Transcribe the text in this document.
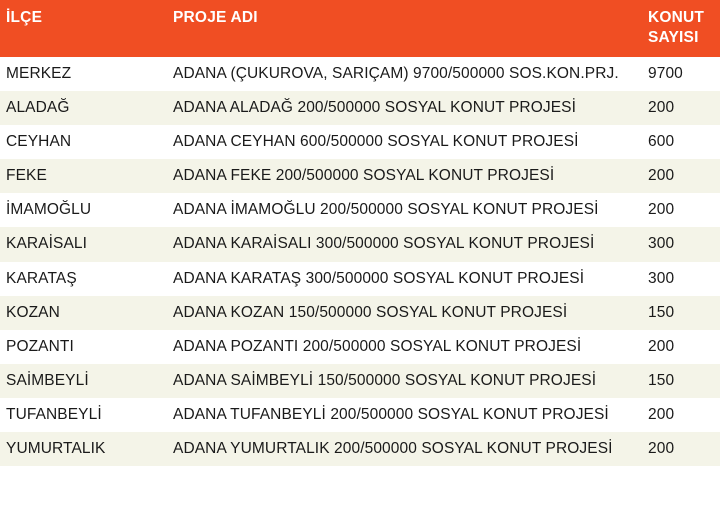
İLÇE	PROJE ADI	KONUT
SAYISI
MERKEZ	ADANA (ÇUKUROVA, SARIÇAM) 9700/500000 SOS.KON.PRJ.	9700
ALADAĞ	ADANA ALADAĞ 200/500000 SOSYAL KONUT PROJESİ	200
CEYHAN	ADANA CEYHAN 600/500000 SOSYAL KONUT PROJESİ	600
FEKE	ADANA FEKE 200/500000 SOSYAL KONUT PROJESİ	200
İMAMOĞLU	ADANA İMAMOĞLU 200/500000 SOSYAL KONUT PROJESİ	200
KARAİSALI	ADANA KARAİSALI 300/500000 SOSYAL KONUT PROJESİ	300
KARATAŞ	ADANA KARATAŞ 300/500000 SOSYAL KONUT PROJESİ	300
KOZAN	ADANA KOZAN 150/500000 SOSYAL KONUT PROJESİ	150
POZANTI	ADANA POZANTI 200/500000 SOSYAL KONUT PROJESİ	200
SAİMBEYLİ	ADANA SAİMBEYLİ 150/500000 SOSYAL KONUT PROJESİ	150
TUFANBEYLİ	ADANA TUFANBEYLİ 200/500000 SOSYAL KONUT PROJESİ	200
YUMURTALIK	ADANA YUMURTALIK 200/500000 SOSYAL KONUT PROJESİ	200
